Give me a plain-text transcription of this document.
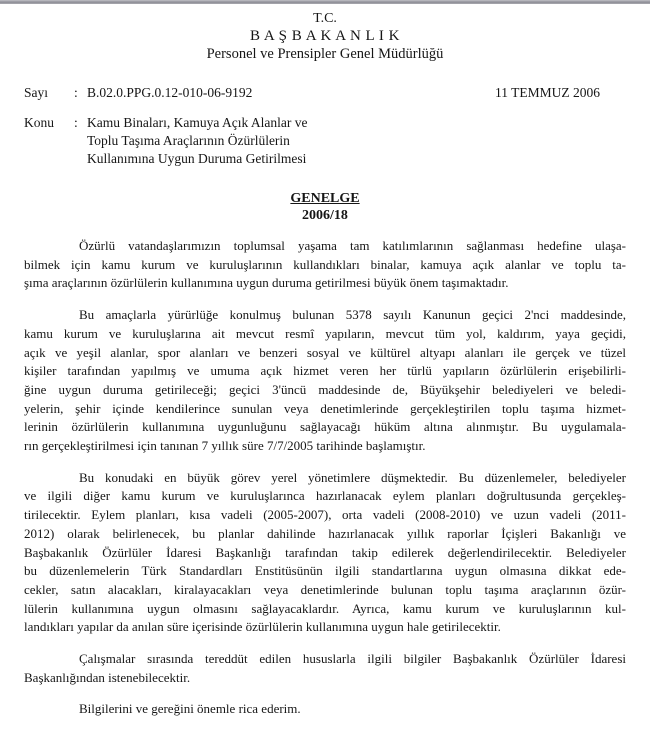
T.C.
B A Ş B A K A N L I K
Personel ve Prensipler Genel Müdürlüğü
Sayı	: B.02.0.PPG.0.12-010-06-9192	11 TEMMUZ 2006
Konu	: Kamu Binaları, Kamuya Açık Alanlar ve
Toplu Taşıma Araçlarının Özürlülerin
Kullanımına Uygun Duruma Getirilmesi
GENELGE
2006/18
Özürlü vatandaşlarımızın toplumsal yaşama tam katılımlarının sağlanması hedefine ulaşa-
bilmek için kamu kurum ve kuruluşlarının kullandıkları binalar, kamuya açık alanlar ve toplu ta-
şıma araçlarının özürlülerin kullanımına uygun duruma getirilmesi büyük önem taşımaktadır.
Bu amaçlarla yürürlüğe konulmuş bulunan 5378 sayılı Kanunun geçici 2'nci maddesinde,
kamu kurum ve kuruluşlarına ait mevcut resmî yapıların, mevcut tüm yol, kaldırım, yaya geçidi,
açık ve yeşil alanlar, spor alanları ve benzeri sosyal ve kültürel altyapı alanları ile gerçek ve tüzel
kişiler tarafından yapılmış ve umuma açık hizmet veren her türlü yapıların özürlülerin erişebilirli-
ğine uygun duruma getirileceği; geçici 3'üncü maddesinde de, Büyükşehir belediyeleri ve beledi-
yelerin, şehir içinde kendilerince sunulan veya denetimlerinde gerçekleştirilen toplu taşıma hizmet-
lerinin özürlülerin kullanımına uygunluğunu sağlayacağı hüküm altına alınmıştır. Bu uygulamala-
rın gerçekleştirilmesi için tanınan 7 yıllık süre 7/7/2005 tarihinde başlamıştır.
Bu konudaki en büyük görev yerel yönetimlere düşmektedir. Bu düzenlemeler, belediyeler
ve ilgili diğer kamu kurum ve kuruluşlarınca hazırlanacak eylem planları doğrultusunda gerçekleş-
tirilecektir. Eylem planları, kısa vadeli (2005-2007), orta vadeli (2008-2010) ve uzun vadeli (2011-
2012) olarak belirlenecek, bu planlar dahilinde hazırlanacak yıllık raporlar İçişleri Bakanlığı ve
Başbakanlık Özürlüler İdaresi Başkanlığı tarafından takip edilerek değerlendirilecektir. Belediyeler
bu düzenlemelerin Türk Standardları Enstitüsünün ilgili standartlarına uygun olmasına dikkat ede-
cekler, satın alacakları, kiralayacakları veya denetimlerinde bulunan toplu taşıma araçlarının özür-
lülerin kullanımına uygun olmasını sağlayacaklardır. Ayrıca, kamu kurum ve kuruluşlarının kul-
landıkları yapılar da anılan süre içerisinde özürlülerin kullanımına uygun hale getirilecektir.
Çalışmalar sırasında tereddüt edilen hususlarla ilgili bilgiler Başbakanlık Özürlüler İdaresi
Başkanlığından istenebilecektir.
Bilgilerini ve gereğini önemle rica ederim.
